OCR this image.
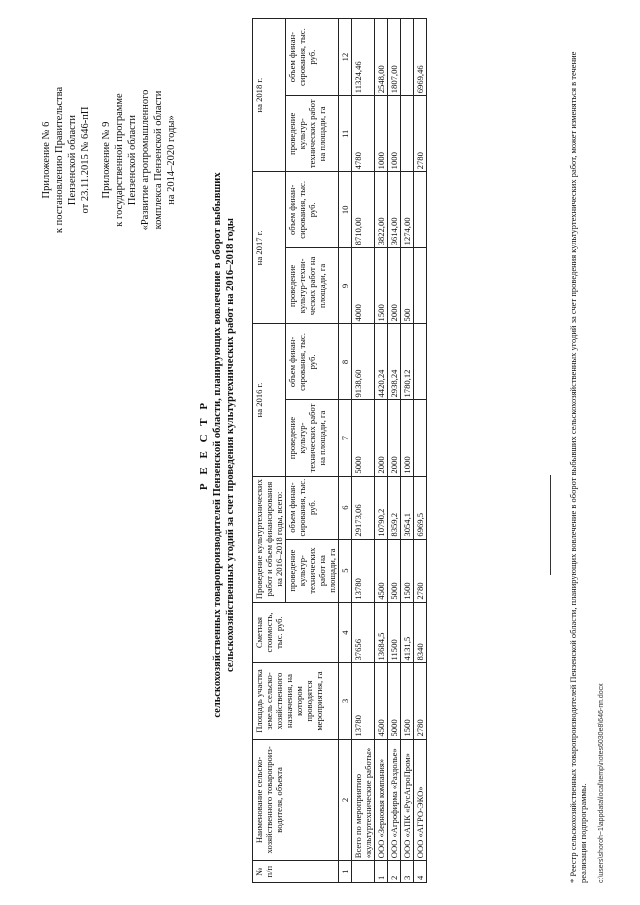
Приложение № 6 к постановлению Правительства Пензенской области от 23.11.2015 № 646-пП Приложение № 9 к государственной программе Пензенской области «Развитие агропромышленного комплекса Пензенской области на 2014–2020 годы»
Р Е Е С Т Р сельскохозяйственных товаропроизводителей Пензенской области, планирующих вовлечение в оборот выбывших сельскохозяйственных угодий за счет проведения культуртехнических работ на 2016–2018 годы
№ п/п	Наименование сельско-хозяйственного товаропроиз-водителя, объекта	Площадь участка земель сельско-хозяйственного назначения, на котором проводятся мероприятия, га	Сметная стоимость, тыс. руб.	Проведение культуртехнических работ и объем финансирования на 2016–2018 годы, всего:		на 2016 г.		на 2017 г.		на 2018 г.	
				проведение культур-технических работ на площади, га	объем финан-сирования, тыс. руб.	проведение культур-технических работ на площади, га	объем финан-сирования, тыс. руб.	проведение культур-техни-ческих работ на площади, га	объем финан-сирования, тыс. руб.	проведение культур-технических работ на площади, га	объем финан-сирования, тыс. руб.
1	2	3	4	5	6	7	8	9	10	11	12
	Всего по мероприятию «культуртехнические работы»	13780	37656	13780	29173,06	5000	9138,60	4000	8710,00	4780	11324,46
1	ООО «Зерновая компания»	4500	13684,5	4500	10790,2	2000	4420,24	1500	3822,00	1000	2548,00
2	ООО «Агрофирма «Раздолье»	5000	11500	5000	8359,2	2000	2938,24	2000	3614,00	1000	1807,00
3	ООО «АПК «РусАгроПром»	1500	4131,5	1500	3054,1	1000	1780,12	500	1274,00		
4	ООО «АГРО-ЭКО»	2780	8340	2780	6969,5					2780	6969,46	* Реестр сельскохозяйственных товаропроизводителей Пензенской области, планирующих вовлечение в оборот выбывших сельскохозяйственных угодий за счет проведения культуртехнических работ, может изменяться в течение реализации подпрограммы. c:\users\shoroh~1\appdata\local\temp\notes6030e8\646-пп.docx
